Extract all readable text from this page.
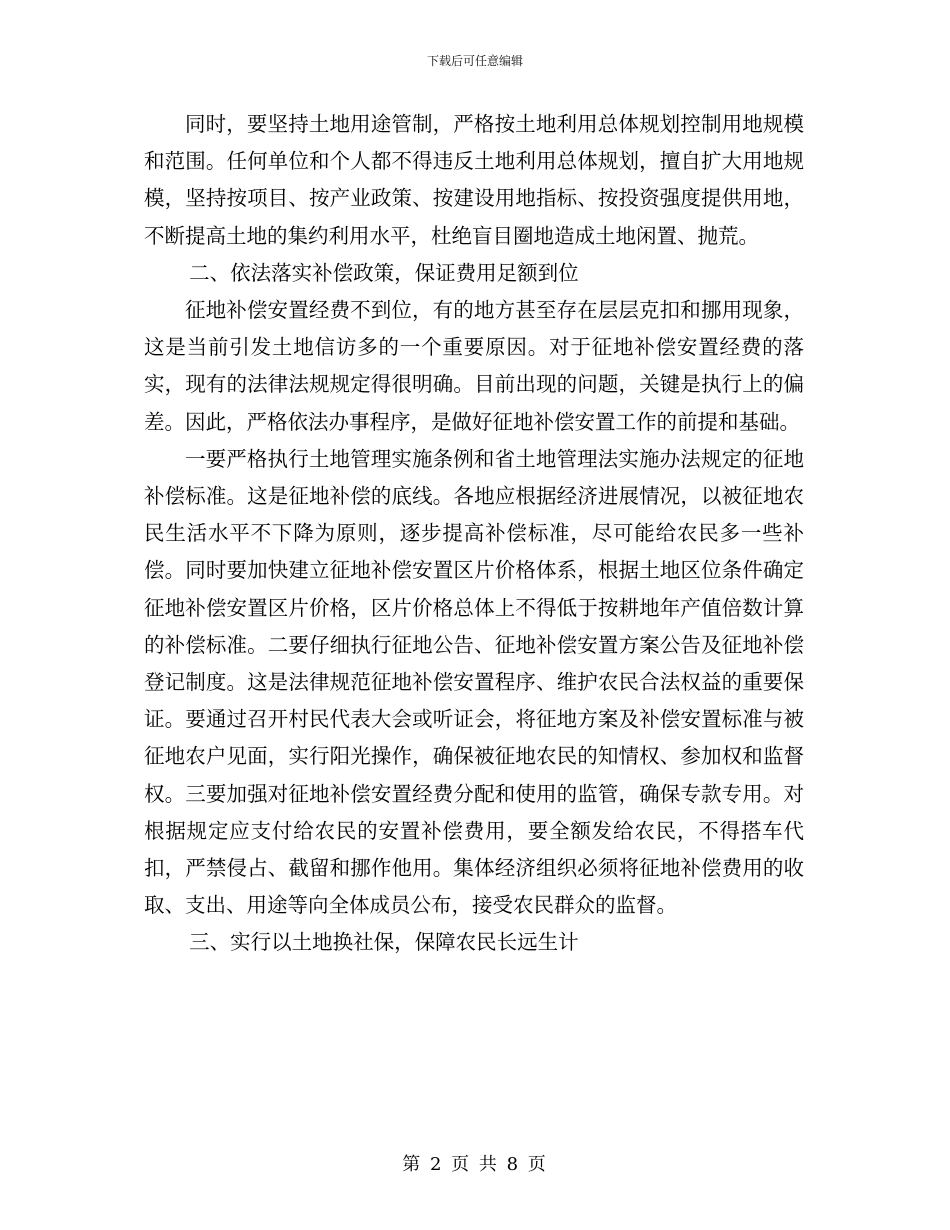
下载后可任意编辑

同时，要坚持土地用途管制，严格按土地利用总体规划控制用地规模和范围。任何单位和个人都不得违反土地利用总体规划，擅自扩大用地规模，坚持按项目、按产业政策、按建设用地指标、按投资强度提供用地，不断提高土地的集约利用水平，杜绝盲目圈地造成土地闲置、抛荒。

二、依法落实补偿政策，保证费用足额到位

征地补偿安置经费不到位，有的地方甚至存在层层克扣和挪用现象，这是当前引发土地信访多的一个重要原因。对于征地补偿安置经费的落实，现有的法律法规规定得很明确。目前出现的问题，关键是执行上的偏差。因此，严格依法办事程序，是做好征地补偿安置工作的前提和基础。

一要严格执行土地管理实施条例和省土地管理法实施办法规定的征地补偿标准。这是征地补偿的底线。各地应根据经济进展情况，以被征地农民生活水平不下降为原则，逐步提高补偿标准，尽可能给农民多一些补偿。同时要加快建立征地补偿安置区片价格体系，根据土地区位条件确定征地补偿安置区片价格，区片价格总体上不得低于按耕地年产值倍数计算的补偿标准。二要仔细执行征地公告、征地补偿安置方案公告及征地补偿登记制度。这是法律规范征地补偿安置程序、维护农民合法权益的重要保证。要通过召开村民代表大会或听证会，将征地方案及补偿安置标准与被征地农户见面，实行阳光操作，确保被征地农民的知情权、参加权和监督权。三要加强对征地补偿安置经费分配和使用的监管，确保专款专用。对根据规定应支付给农民的安置补偿费用，要全额发给农民，不得搭车代扣，严禁侵占、截留和挪作他用。集体经济组织必须将征地补偿费用的收取、支出、用途等向全体成员公布，接受农民群众的监督。

三、实行以土地换社保，保障农民长远生计

第 2 页 共 8 页
